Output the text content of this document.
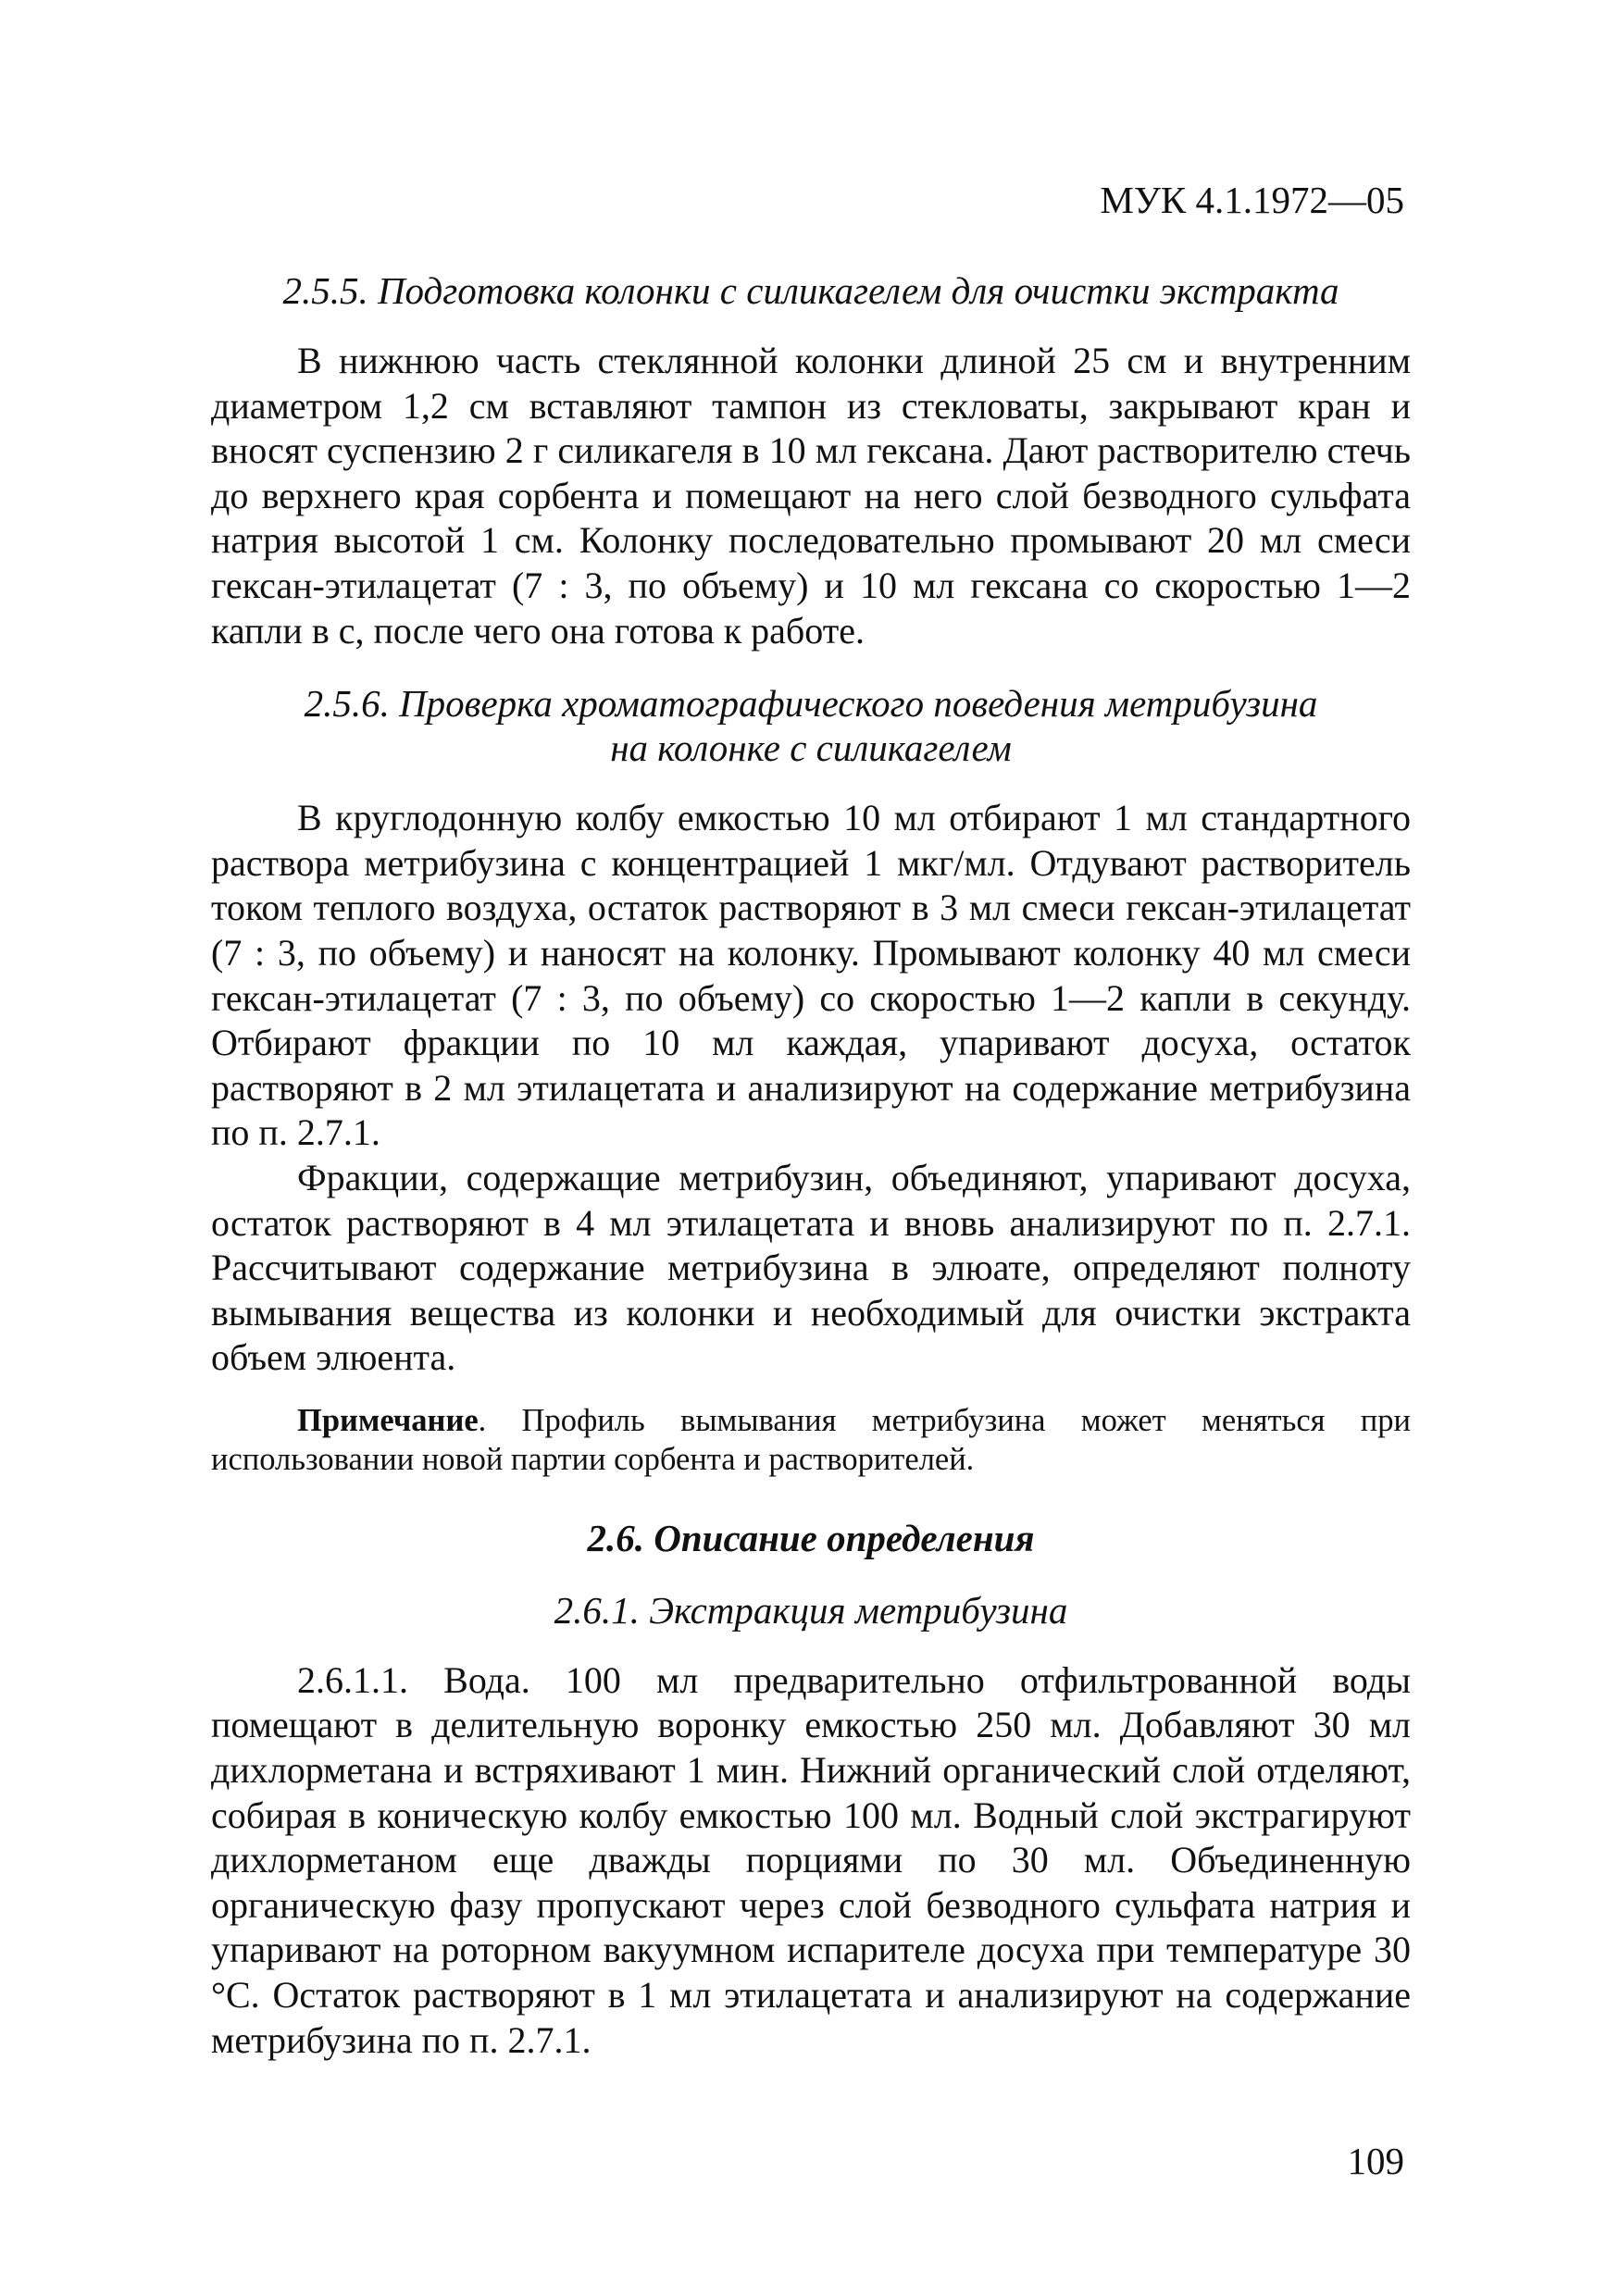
МУК 4.1.1972—05

2.5.5. Подготовка колонки с силикагелем для очистки экстракта

В нижнюю часть стеклянной колонки длиной 25 см и внутренним диаметром 1,2 см вставляют тампон из стекловаты, закрывают кран и вносят суспензию 2 г силикагеля в 10 мл гексана. Дают растворителю стечь до верхнего края сорбента и помещают на него слой безводного сульфата натрия высотой 1 см. Колонку последовательно промывают 20 мл смеси гексан-этилацетат (7 : 3, по объему) и 10 мл гексана со скоростью 1—2 капли в с, после чего она готова к работе.

2.5.6. Проверка хроматографического поведения метрибузина

на колонке с силикагелем

В круглодонную колбу емкостью 10 мл отбирают 1 мл стандартного раствора метрибузина с концентрацией 1 мкг/мл. Отдувают растворитель током теплого воздуха, остаток растворяют в 3 мл смеси гексан-этилацетат (7 : 3, по объему) и наносят на колонку. Промывают колонку 40 мл смеси гексан-этилацетат (7 : 3, по объему) со скоростью 1—2 капли в секунду. Отбирают фракции по 10 мл каждая, упаривают досуха, остаток растворяют в 2 мл этилацетата и анализируют на содержание метрибузина по п. 2.7.1.

Фракции, содержащие метрибузин, объединяют, упаривают досуха, остаток растворяют в 4 мл этилацетата и вновь анализируют по п. 2.7.1. Рассчитывают содержание метрибузина в элюате, определяют полноту вымывания вещества из колонки и необходимый для очистки экстракта объем элюента.

Примечание. Профиль вымывания метрибузина может меняться при использовании новой партии сорбента и растворителей.

2.6. Описание определения

2.6.1. Экстракция метрибузина

2.6.1.1. Вода. 100 мл предварительно отфильтрованной воды помещают в делительную воронку емкостью 250 мл. Добавляют 30 мл дихлорметана и встряхивают 1 мин. Нижний органический слой отделяют, собирая в коническую колбу емкостью 100 мл. Водный слой экстрагируют дихлорметаном еще дважды порциями по 30 мл. Объединенную органическую фазу пропускают через слой безводного сульфата натрия и упаривают на роторном вакуумном испарителе досуха при температуре 30 °С. Остаток растворяют в 1 мл этилацетата и анализируют на содержание метрибузина по п. 2.7.1.

109
